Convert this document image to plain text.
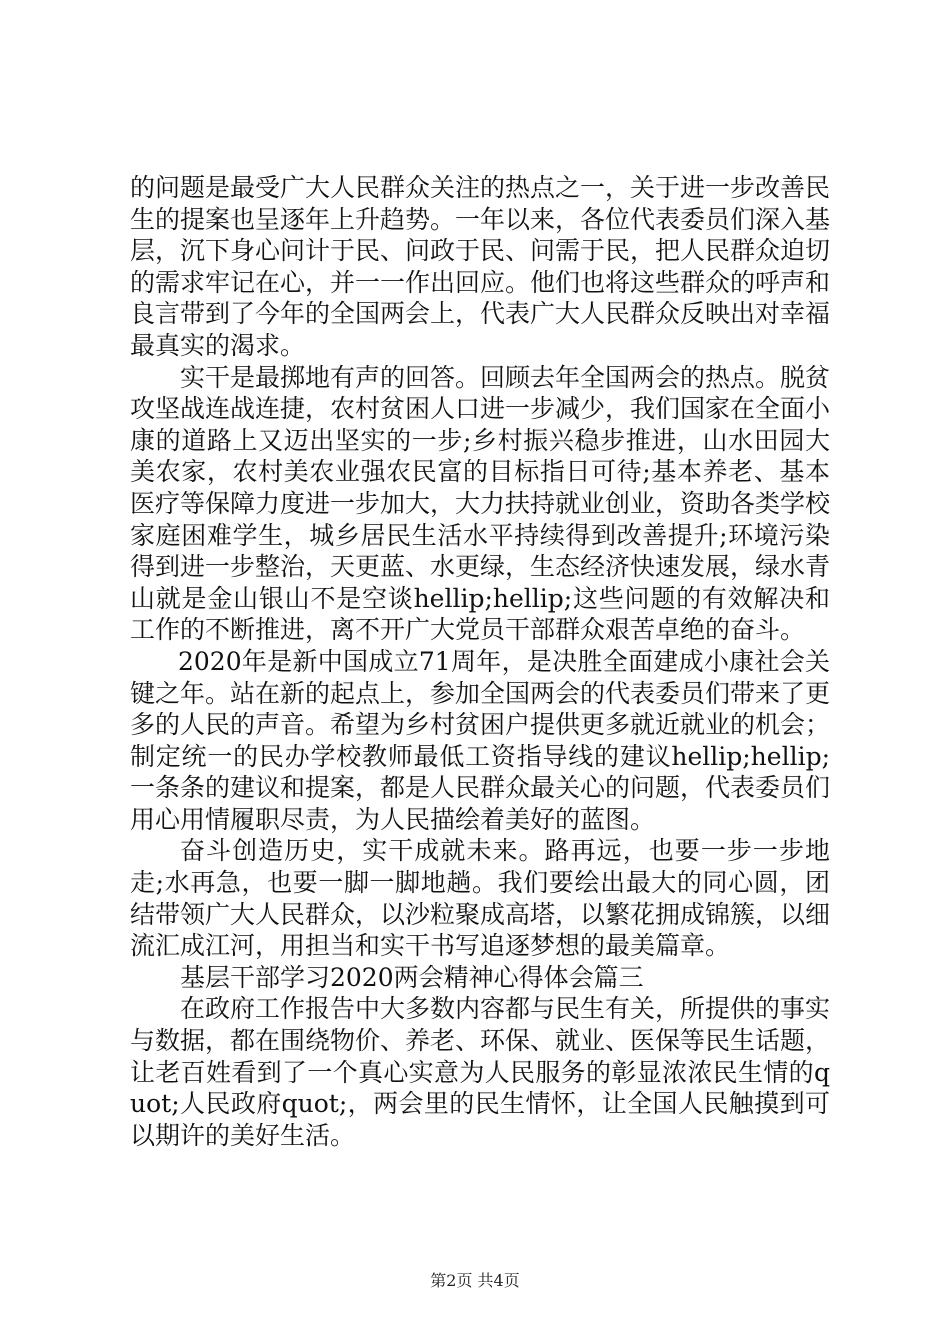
的问题是最受广大人民群众关注的热点之一，关于进一步改善民生的提案也呈逐年上升趋势。一年以来，各位代表委员们深入基层，沉下身心问计于民、问政于民、问需于民，把人民群众迫切的需求牢记在心，并一一作出回应。他们也将这些群众的呼声和良言带到了今年的全国两会上，代表广大人民群众反映出对幸福最真实的渴求。

实干是最掷地有声的回答。回顾去年全国两会的热点。脱贫攻坚战连战连捷，农村贫困人口进一步减少，我们国家在全面小康的道路上又迈出坚实的一步;乡村振兴稳步推进，山水田园大美农家，农村美农业强农民富的目标指日可待;基本养老、基本医疗等保障力度进一步加大，大力扶持就业创业，资助各类学校家庭困难学生，城乡居民生活水平持续得到改善提升;环境污染得到进一步整治，天更蓝、水更绿，生态经济快速发展，绿水青山就是金山银山不是空谈hellip;hellip;这些问题的有效解决和工作的不断推进，离不开广大党员干部群众艰苦卓绝的奋斗。

2020年是新中国成立71周年，是决胜全面建成小康社会关键之年。站在新的起点上，参加全国两会的代表委员们带来了更多的人民的声音。希望为乡村贫困户提供更多就近就业的机会；制定统一的民办学校教师最低工资指导线的建议hellip;hellip;一条条的建议和提案，都是人民群众最关心的问题，代表委员们用心用情履职尽责，为人民描绘着美好的蓝图。

奋斗创造历史，实干成就未来。路再远，也要一步一步地走;水再急，也要一脚一脚地趟。我们要绘出最大的同心圆，团结带领广大人民群众，以沙粒聚成高塔，以繁花拥成锦簇，以细流汇成江河，用担当和实干书写追逐梦想的最美篇章。

基层干部学习2020两会精神心得体会篇三

在政府工作报告中大多数内容都与民生有关，所提供的事实与数据，都在围绕物价、养老、环保、就业、医保等民生话题，让老百姓看到了一个真心实意为人民服务的彰显浓浓民生情的quot;人民政府quot;，两会里的民生情怀，让全国人民触摸到可以期许的美好生活。

第2页 共4页
